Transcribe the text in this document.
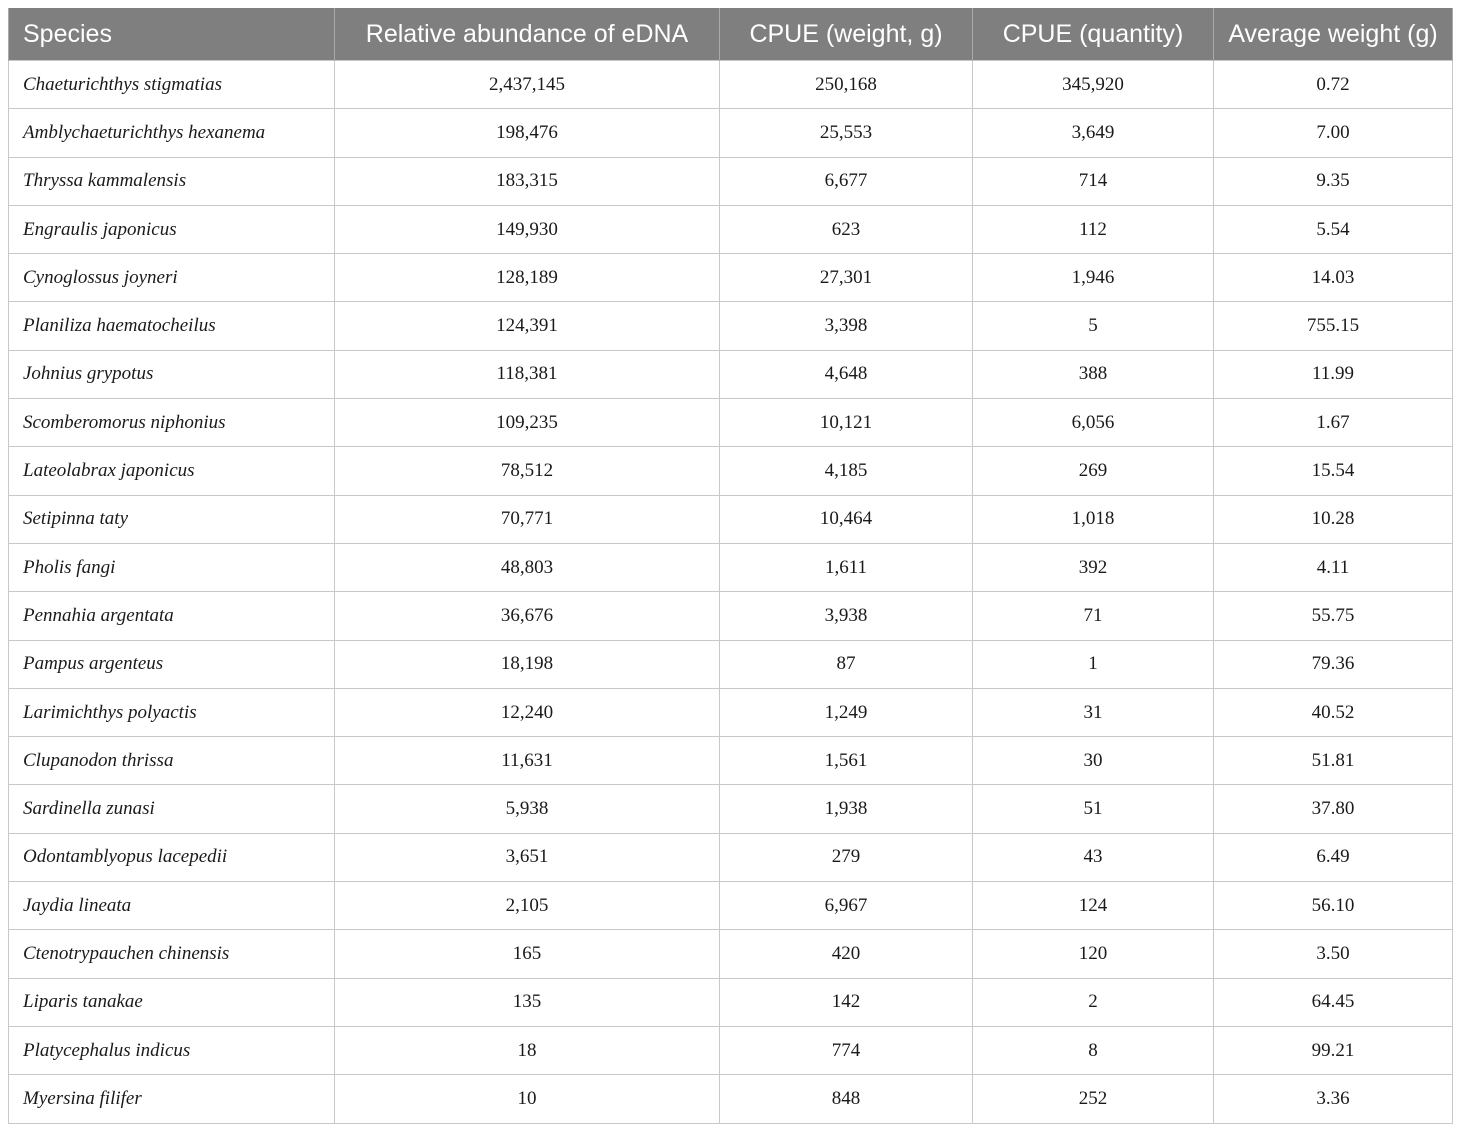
Species	Relative abundance of eDNA	CPUE (weight, g)	CPUE (quantity)	Average weight (g)
Chaeturichthys stigmatias	2,437,145	250,168	345,920	0.72
Amblychaeturichthys hexanema	198,476	25,553	3,649	7.00
Thryssa kammalensis	183,315	6,677	714	9.35
Engraulis japonicus	149,930	623	112	5.54
Cynoglossus joyneri	128,189	27,301	1,946	14.03
Planiliza haematocheilus	124,391	3,398	5	755.15
Johnius grypotus	118,381	4,648	388	11.99
Scomberomorus niphonius	109,235	10,121	6,056	1.67
Lateolabrax japonicus	78,512	4,185	269	15.54
Setipinna taty	70,771	10,464	1,018	10.28
Pholis fangi	48,803	1,611	392	4.11
Pennahia argentata	36,676	3,938	71	55.75
Pampus argenteus	18,198	87	1	79.36
Larimichthys polyactis	12,240	1,249	31	40.52
Clupanodon thrissa	11,631	1,561	30	51.81
Sardinella zunasi	5,938	1,938	51	37.80
Odontamblyopus lacepedii	3,651	279	43	6.49
Jaydia lineata	2,105	6,967	124	56.10
Ctenotrypauchen chinensis	165	420	120	3.50
Liparis tanakae	135	142	2	64.45
Platycephalus indicus	18	774	8	99.21
Myersina filifer	10	848	252	3.36
